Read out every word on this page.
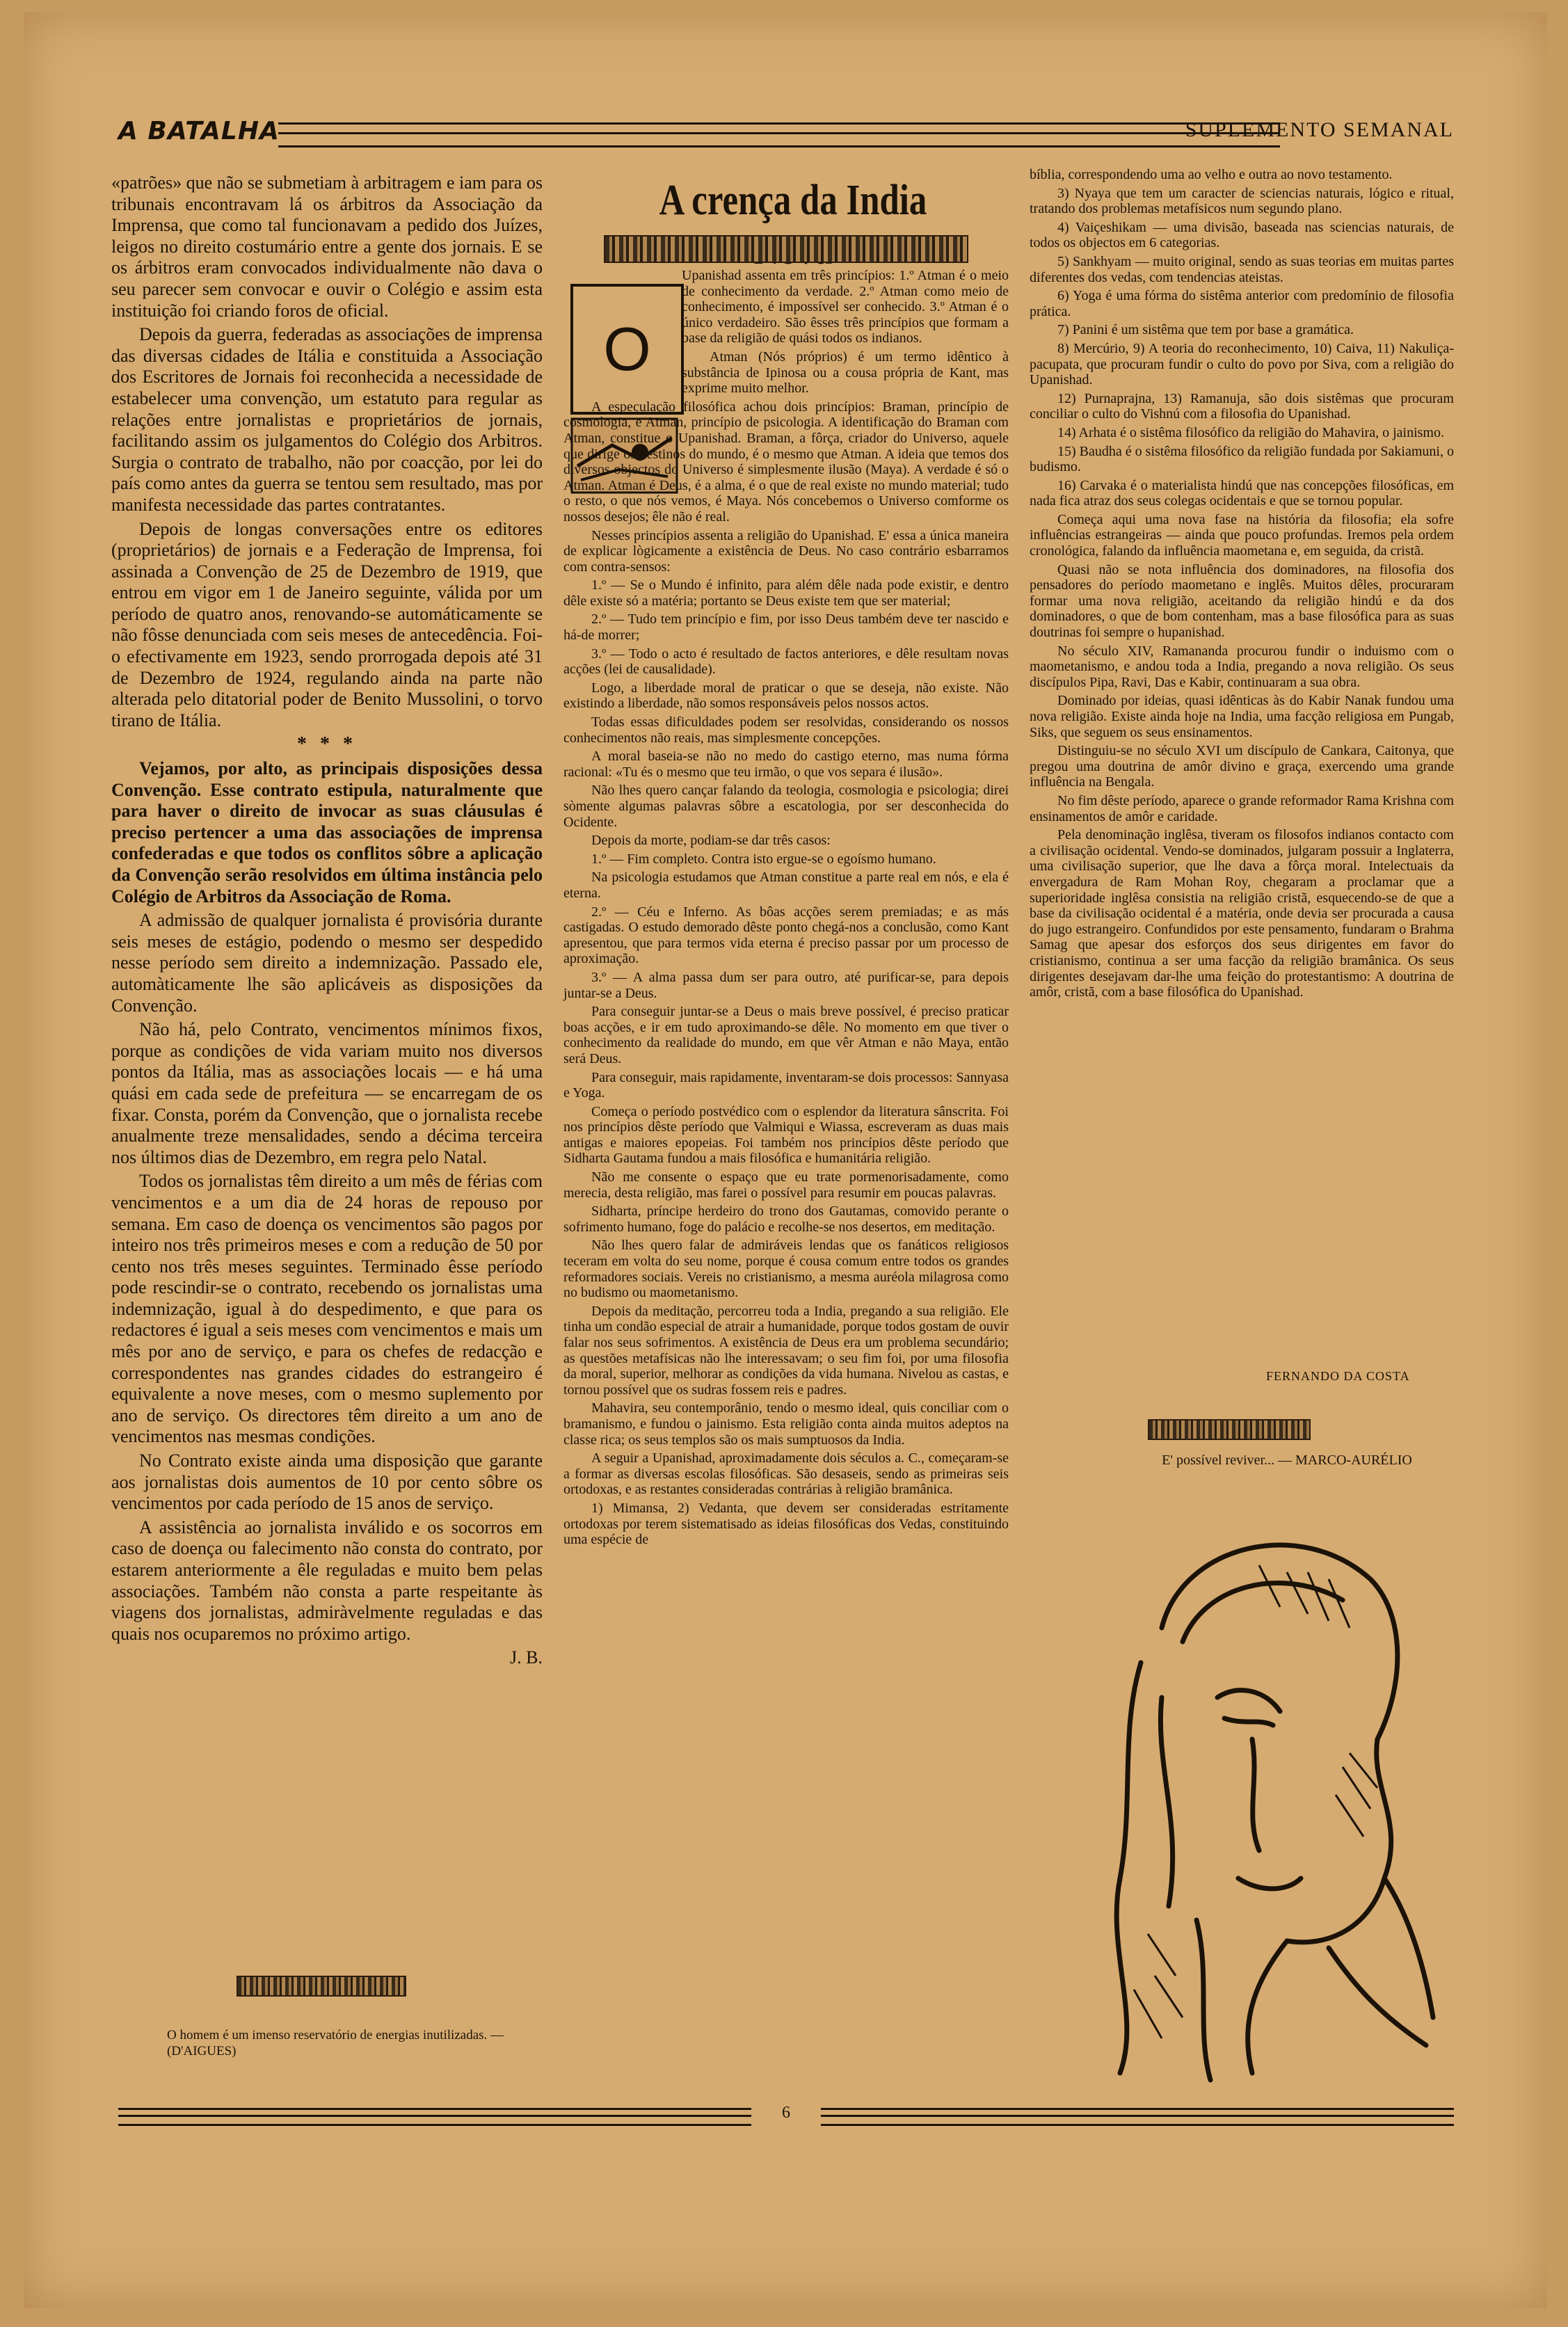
A BATALHA	SUPLEMENTO SEMANAL

«patrões» que não se submetiam à arbitragem e iam para os tribunais encontravam lá os árbitros da Associação da Imprensa, que como tal funcionavam a pedido dos Juízes, leigos no direito costumário entre a gente dos jornais. E se os árbitros eram convocados individualmente não dava o seu parecer sem convocar e ouvir o Colégio e assim esta instituição foi criando foros de oficial.

Depois da guerra, federadas as associações de imprensa das diversas cidades de Itália e constituida a Associação dos Escritores de Jornais foi reconhecida a necessidade de estabelecer uma convenção, um estatuto para regular as relações entre jornalistas e proprietários de jornais, facilitando assim os julgamentos do Colégio dos Arbitros. Surgia o contrato de trabalho, não por coacção, por lei do país como antes da guerra se tentou sem resultado, mas por manifesta necessidade das partes contratantes.

Depois de longas conversações entre os editores (proprietários) de jornais e a Federação de Imprensa, foi assinada a Convenção de 25 de Dezembro de 1919, que entrou em vigor em 1 de Janeiro seguinte, válida por um período de quatro anos, renovando-se automáticamente se não fôsse denunciada com seis meses de antecedência. Foi-o efectivamente em 1923, sendo prorrogada depois até 31 de Dezembro de 1924, regulando ainda na parte não alterada pelo ditatorial poder de Benito Mussolini, o torvo tirano de Itália.

* * *

Vejamos, por alto, as principais disposições dessa Convenção. Esse contrato estipula, naturalmente que para haver o direito de invocar as suas cláusulas é preciso pertencer a uma das associações de imprensa confederadas e que todos os conflitos sôbre a aplicação da Convenção serão resolvidos em última instância pelo Colégio de Arbitros da Associação de Roma.

A admissão de qualquer jornalista é provisória durante seis meses de estágio, podendo o mesmo ser despedido nesse período sem direito a indemnização. Passado ele, automàticamente lhe são aplicáveis as disposições da Convenção.

Não há, pelo Contrato, vencimentos mínimos fixos, porque as condições de vida variam muito nos diversos pontos da Itália, mas as associações locais — e há uma quási em cada sede de prefeitura — se encarregam de os fixar. Consta, porém da Convenção, que o jornalista recebe anualmente treze mensalidades, sendo a décima terceira nos últimos dias de Dezembro, em regra pelo Natal.

Todos os jornalistas têm direito a um mês de férias com vencimentos e a um dia de 24 horas de repouso por semana. Em caso de doença os vencimentos são pagos por inteiro nos três primeiros meses e com a redução de 50 por cento nos três meses seguintes. Terminado êsse período pode rescindir-se o contrato, recebendo os jornalistas uma indemnização, igual à do despedimento, e que para os redactores é igual a seis meses com vencimentos e mais um mês por ano de serviço, e para os chefes de redacção e correspondentes nas grandes cidades do estrangeiro é equivalente a nove meses, com o mesmo suplemento por ano de serviço. Os directores têm direito a um ano de vencimentos nas mesmas condições.

No Contrato existe ainda uma disposição que garante aos jornalistas dois aumentos de 10 por cento sôbre os vencimentos por cada período de 15 anos de serviço.

A assistência ao jornalista inválido e os socorros em caso de doença ou falecimento não consta do contrato, por estarem anteriormente a êle reguladas e muito bem pelas associações. Também não consta a parte respeitante às viagens dos jornalistas, admiràvelmente reguladas e das quais nos ocuparemos no próximo artigo.

J. B.

O homem é um imenso reservatório de energias inutilizadas. — (D'AIGUES)
A crença da India
O

Upanishad assenta em três princípios: 1.º Atman é o meio de conhecimento da verdade. 2.º Atman como meio de conhecimento, é impossível ser conhecido. 3.º Atman é o único verdadeiro. São êsses três princípios que formam a base da religião de quási todos os indianos.

Atman (Nós próprios) é um termo idêntico à substância de Ipinosa ou a cousa própria de Kant, mas exprime muito melhor.

A especulação filosófica achou dois princípios: Braman, princípio de cosmologia, e Atman, princípio de psicologia. A identificação do Braman com Atman, constitue o Upanishad. Braman, a fôrça, criador do Universo, aquele que dirige os destinos do mundo, é o mesmo que Atman. A ideia que temos dos diversos objectos do Universo é simplesmente ilusão (Maya). A verdade é só o Atman. Atman é Deus, é a alma, é o que de real existe no mundo material; tudo o resto, o que nós vemos, é Maya. Nós concebemos o Universo comforme os nossos desejos; êle não é real.

Nesses princípios assenta a religião do Upanishad. E' essa a única maneira de explicar lògicamente a existência de Deus. No caso contrário esbarramos com contra-sensos:

1.º — Se o Mundo é infinito, para além dêle nada pode existir, e dentro dêle existe só a matéria; portanto se Deus existe tem que ser material;

2.º — Tudo tem princípio e fim, por isso Deus também deve ter nascido e há-de morrer;

3.º — Todo o acto é resultado de factos anteriores, e dêle resultam novas acções (lei de causalidade).

Logo, a liberdade moral de praticar o que se deseja, não existe. Não existindo a liberdade, não somos responsáveis pelos nossos actos.

Todas essas dificuldades podem ser resolvidas, considerando os nossos conhecimentos não reais, mas simplesmente concepções.

A moral baseia-se não no medo do castigo eterno, mas numa fórma racional: «Tu és o mesmo que teu irmão, o que vos separa é ilusão».

Não lhes quero cançar falando da teologia, cosmologia e psicologia; direi sòmente algumas palavras sôbre a escatologia, por ser desconhecida do Ocidente.

Depois da morte, podiam-se dar três casos:

1.º — Fim completo. Contra isto ergue-se o egoísmo humano.

Na psicologia estudamos que Atman constitue a parte real em nós, e ela é eterna.

2.º — Céu e Inferno. As bôas acções serem premiadas; e as más castigadas. O estudo demorado dêste ponto chegá-nos a conclusão, como Kant apresentou, que para termos vida eterna é preciso passar por um processo de aproximação.

3.º — A alma passa dum ser para outro, até purificar-se, para depois juntar-se a Deus.

Para conseguir juntar-se a Deus o mais breve possível, é preciso praticar boas acções, e ir em tudo aproximando-se dêle. No momento em que tiver o conhecimento da realidade do mundo, em que vêr Atman e não Maya, então será Deus.

Para conseguir, mais rapidamente, inventaram-se dois processos: Sannyasa e Yoga.

Começa o período postvédico com o esplendor da literatura sânscrita. Foi nos princípios dêste período que Valmiqui e Wiassa, escreveram as duas mais antigas e maiores epopeias. Foi também nos princípios dêste período que Sidharta Gautama fundou a mais filosófica e humanitária religião.

Não me consente o espaço que eu trate pormenorisadamente, como merecia, desta religião, mas farei o possível para resumir em poucas palavras.

Sidharta, príncipe herdeiro do trono dos Gautamas, comovido perante o sofrimento humano, foge do palácio e recolhe-se nos desertos, em meditação.

Não lhes quero falar de admiráveis lendas que os fanáticos religiosos teceram em volta do seu nome, porque é cousa comum entre todos os grandes reformadores sociais. Vereis no cristianismo, a mesma auréola milagrosa como no budismo ou maometanismo.

Depois da meditação, percorreu toda a India, pregando a sua religião. Ele tinha um condão especial de atrair a humanidade, porque todos gostam de ouvir falar nos seus sofrimentos. A existência de Deus era um problema secundário; as questões metafísicas não lhe interessavam; o seu fim foi, por uma filosofia da moral, superior, melhorar as condições da vida humana. Nivelou as castas, e tornou possível que os sudras fossem reis e padres.

Mahavira, seu contemporânio, tendo o mesmo ideal, quis conciliar com o bramanismo, e fundou o jainismo. Esta religião conta ainda muitos adeptos na classe rica; os seus templos são os mais sumptuosos da India.

A seguir a Upanishad, aproximadamente dois séculos a. C., começaram-se a formar as diversas escolas filosóficas. São desaseis, sendo as primeiras seis ortodoxas, e as restantes consideradas contrárias à religião bramânica.

1) Mimansa, 2) Vedanta, que devem ser consideradas estritamente ortodoxas por terem sistematisado as ideias filosóficas dos Vedas, constituindo uma espécie de

bíblia, correspondendo uma ao velho e outra ao novo testamento.

3) Nyaya que tem um caracter de sciencias naturais, lógico e ritual, tratando dos problemas metafísicos num segundo plano.

4) Vaiçeshikam — uma divisão, baseada nas sciencias naturais, de todos os objectos em 6 categorias.

5) Sankhyam — muito original, sendo as suas teorias em muitas partes diferentes dos vedas, com tendencias ateistas.

6) Yoga é uma fórma do sistêma anterior com predomínio de filosofia prática.

7) Panini é um sistêma que tem por base a gramática.

8) Mercúrio, 9) A teoria do reconhecimento, 10) Caiva, 11) Nakuliça-pacupata, que procuram fundir o culto do povo por Siva, com a religião do Upanishad.

12) Purnaprajna, 13) Ramanuja, são dois sistêmas que procuram conciliar o culto do Vishnú com a filosofia do Upanishad.

14) Arhata é o sistêma filosófico da religião do Mahavira, o jainismo.

15) Baudha é o sistêma filosófico da religião fundada por Sakiamuni, o budismo.

16) Carvaka é o materialista hindú que nas concepções filosóficas, em nada fica atraz dos seus colegas ocidentais e que se tornou popular.

Começa aqui uma nova fase na história da filosofia; ela sofre influências estrangeiras — ainda que pouco profundas. Iremos pela ordem cronológica, falando da influência maometana e, em seguida, da cristã.

Quasi não se nota influência dos dominadores, na filosofia dos pensadores do período maometano e inglês. Muitos dêles, procuraram formar uma nova religião, aceitando da religião hindú e da dos dominadores, o que de bom contenham, mas a base filosófica para as suas doutrinas foi sempre o hupanishad.

No século XIV, Ramananda procurou fundir o induismo com o maometanismo, e andou toda a India, pregando a nova religião. Os seus discípulos Pipa, Ravi, Das e Kabir, continuaram a sua obra.

Dominado por ideias, quasi idênticas às do Kabir Nanak fundou uma nova religião. Existe ainda hoje na India, uma facção religiosa em Pungab, Siks, que seguem os seus ensinamentos.

Distinguiu-se no século XVI um discípulo de Cankara, Caitonya, que pregou uma doutrina de amôr divino e graça, exercendo uma grande influência na Bengala.

No fim dêste período, aparece o grande reformador Rama Krishna com ensinamentos de amôr e caridade.

Pela denominação inglêsa, tiveram os filosofos indianos contacto com a civilisação ocidental. Vendo-se dominados, julgaram possuir a Inglaterra, uma civilisação superior, que lhe dava a fôrça moral. Intelectuais da envergadura de Ram Mohan Roy, chegaram a proclamar que a superioridade inglêsa consistia na religião cristã, esquecendo-se de que a base da civilisação ocidental é a matéria, onde devia ser procurada a causa do jugo estrangeiro. Confundidos por este pensamento, fundaram o Brahma Samag que apesar dos esforços dos seus dirigentes em favor do cristianismo, continua a ser uma facção da religião bramânica. Os seus dirigentes desejavam dar-lhe uma feição do protestantismo: A doutrina de amôr, cristã, com a base filosófica do Upanishad.

FERNANDO DA COSTA
E' possível reviver... — MARCO-AURÉLIO
6
